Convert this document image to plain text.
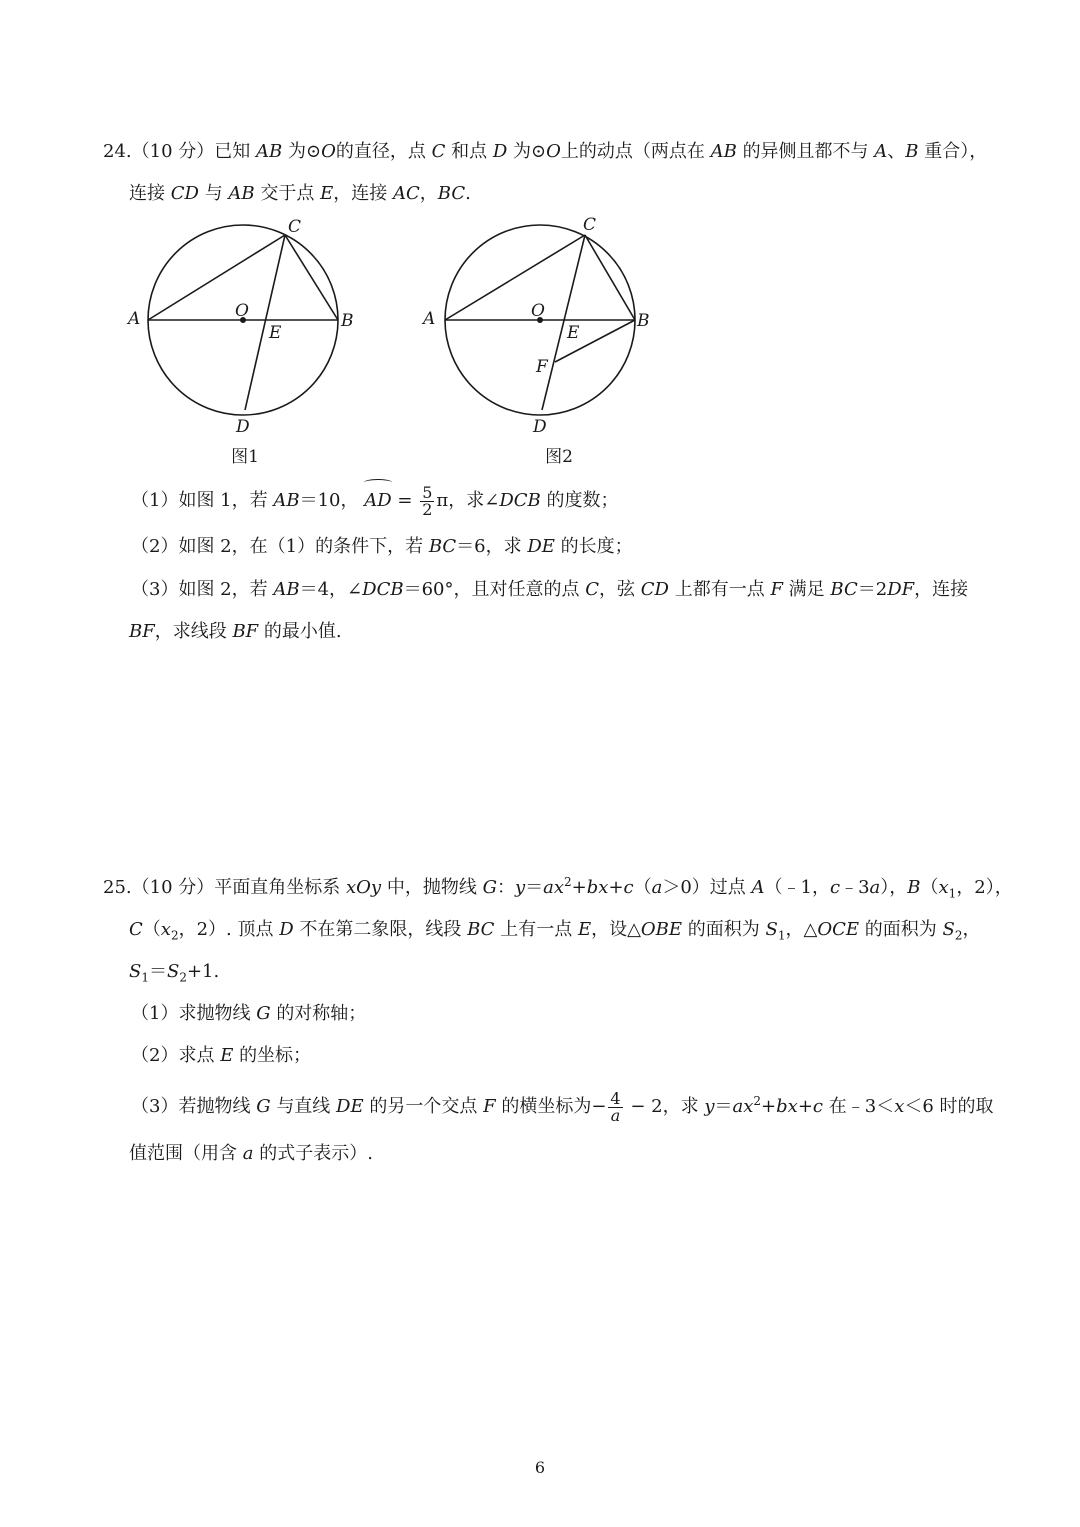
24.（10 分）已知 AB 为⊙O的直径，点 C 和点 D 为⊙O上的动点（两点在 AB 的异侧且都不与 A、B 重合），
连接 CD 与 AB 交于点 E，连接 AC，BC.
A	B
C
D
O
E
图1
A	B
C
D
O
E
F
图2
（1）如图 1，若 AB＝10， AD = $\frac{5}{2}$ π，求∠DCB 的度数；
（2）如图 2，在（1）的条件下，若 BC＝6，求 DE 的长度；
（3）如图 2，若 AB＝4，∠DCB＝60°，且对任意的点 C，弦 CD 上都有一点 F 满足 BC＝2DF，连接
BF，求线段 BF 的最小值.
25.（10 分）平面直角坐标系 xOy 中，抛物线 G：$y=ax^2+bx+c(a>0)$过点 A（﹣1，c﹣3a），$B(x_1$，2），
$C(x_2$，2）. 顶点 D 不在第二象限，线段 BC 上有一点 E，设△OBE 的面积为 $S_1$，△OCE 的面积为 $S_2$，
$S_1=S_2+1$.
（1）求抛物线 G 的对称轴；
（2）求点 E 的坐标；
（3）若抛物线 G 与直线 DE 的另一个交点 F 的横坐标为− $\frac{4}{a} - 2$，求 $y=ax^2+bx+c$ 在﹣3＜x＜6 时的取
值范围（用含 a 的式子表示）.
6
